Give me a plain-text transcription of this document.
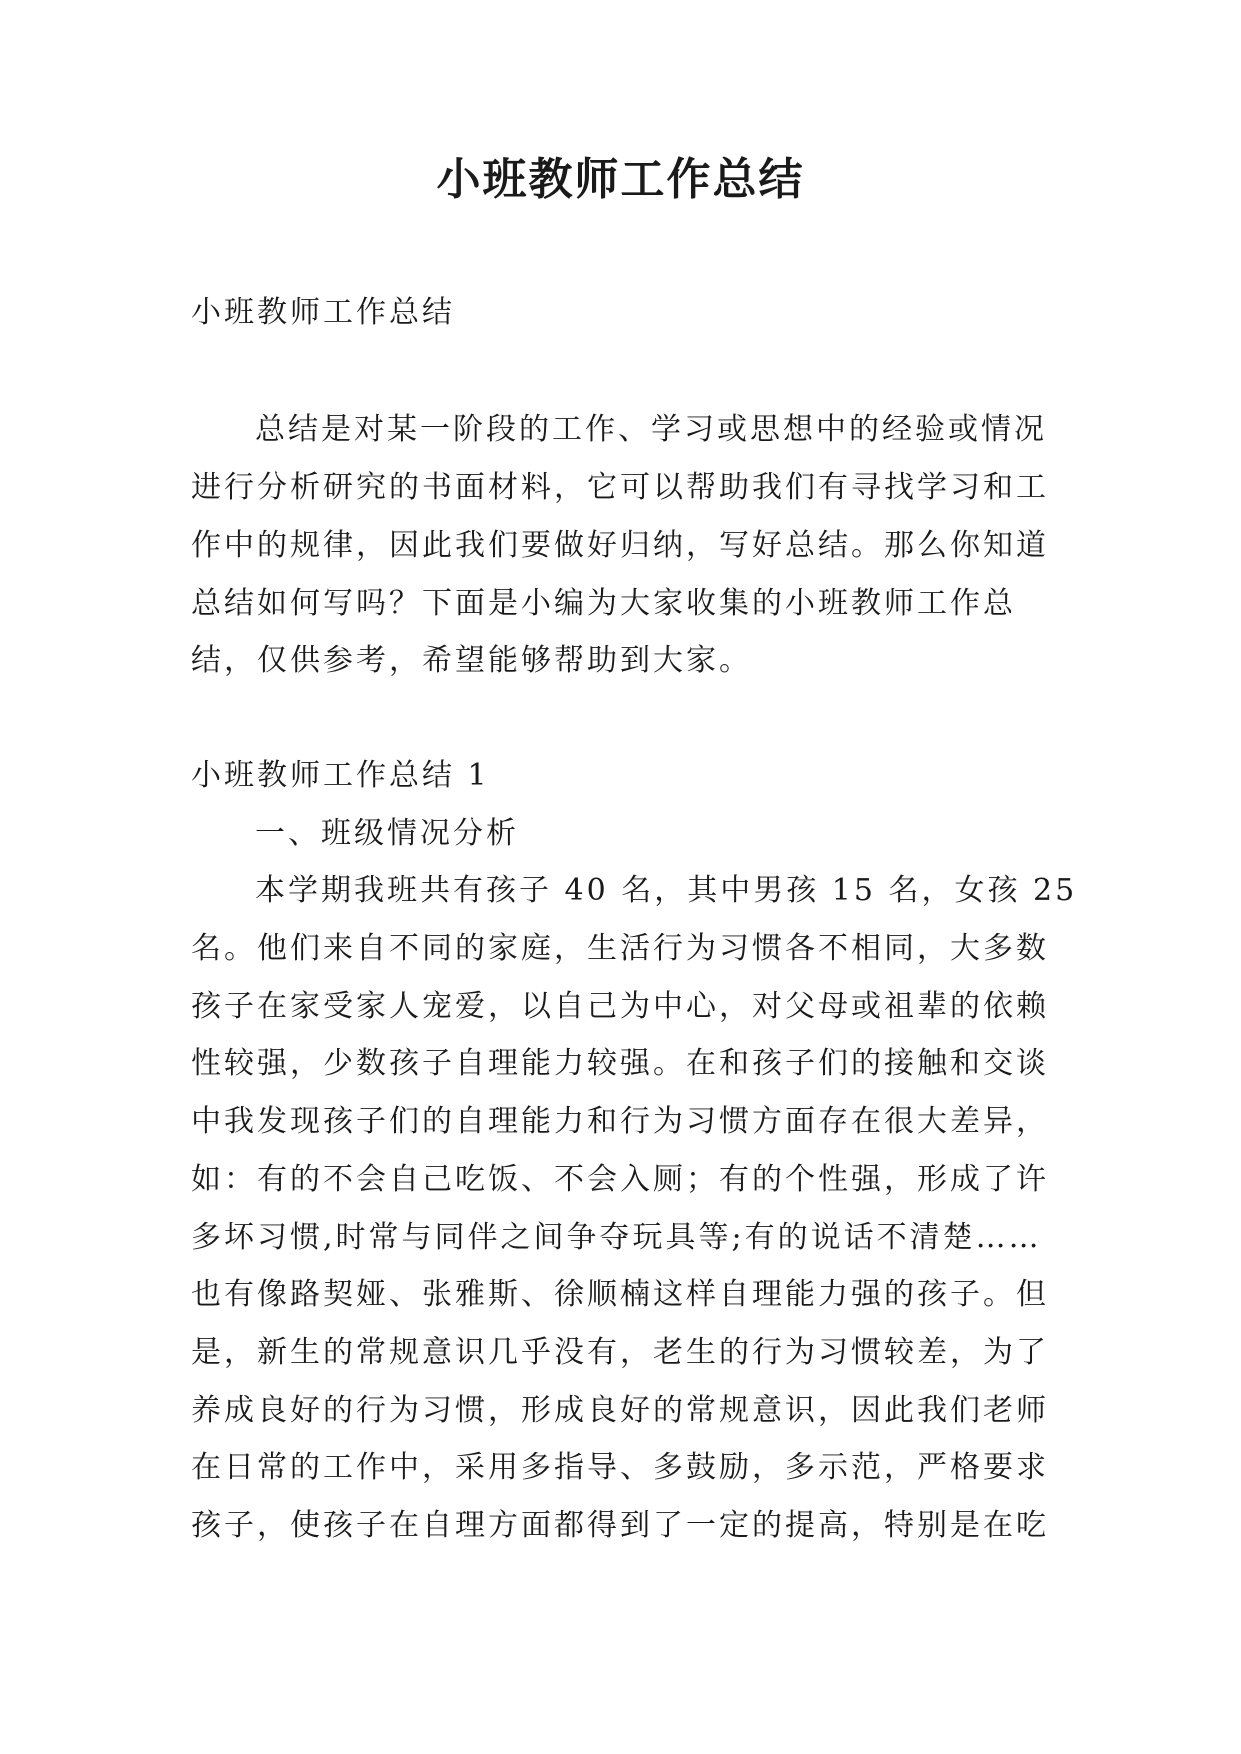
小班教师工作总结

小班教师工作总结

总结是对某一阶段的工作、学习或思想中的经验或情况

进行分析研究的书面材料，它可以帮助我们有寻找学习和工

作中的规律，因此我们要做好归纳，写好总结。那么你知道

总结如何写吗？下面是小编为大家收集的小班教师工作总

结，仅供参考，希望能够帮助到大家。

小班教师工作总结 1

一、班级情况分析

本学期我班共有孩子 40 名，其中男孩 15 名，女孩 25

名。他们来自不同的家庭，生活行为习惯各不相同，大多数

孩子在家受家人宠爱，以自己为中心，对父母或祖辈的依赖

性较强，少数孩子自理能力较强。在和孩子们的接触和交谈

中我发现孩子们的自理能力和行为习惯方面存在很大差异，

如：有的不会自己吃饭、不会入厕；有的个性强，形成了许

多坏习惯,时常与同伴之间争夺玩具等;有的说话不清楚……

也有像路契娅、张雅斯、徐顺楠这样自理能力强的孩子。但

是，新生的常规意识几乎没有，老生的行为习惯较差，为了

养成良好的行为习惯，形成良好的常规意识，因此我们老师

在日常的工作中，采用多指导、多鼓励，多示范，严格要求

孩子，使孩子在自理方面都得到了一定的提高，特别是在吃
